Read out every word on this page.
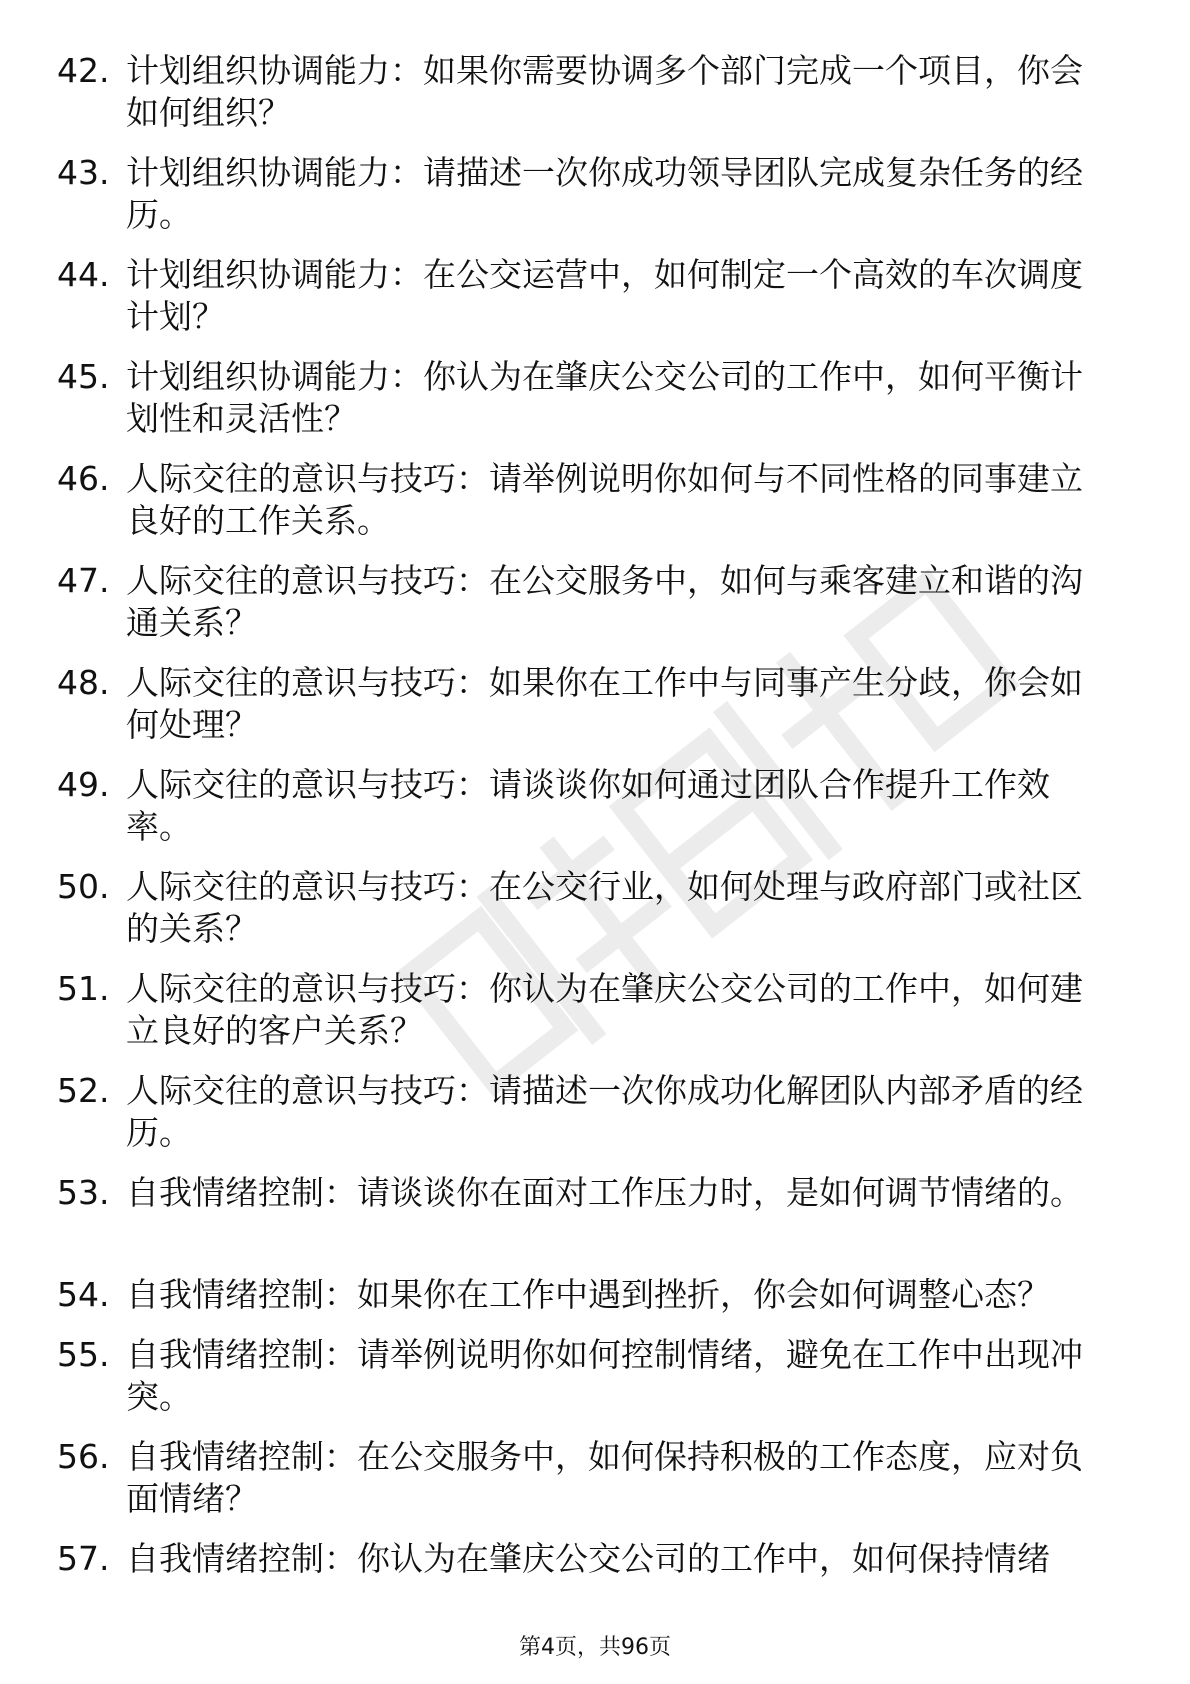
42. 计划组织协调能力：如果你需要协调多个部门完成一个项目，你会如何组织？
43. 计划组织协调能力：请描述一次你成功领导团队完成复杂任务的经历。
44. 计划组织协调能力：在公交运营中，如何制定一个高效的车次调度计划？
45. 计划组织协调能力：你认为在肇庆公交公司的工作中，如何平衡计划性和灵活性？
46. 人际交往的意识与技巧：请举例说明你如何与不同性格的同事建立良好的工作关系。
47. 人际交往的意识与技巧：在公交服务中，如何与乘客建立和谐的沟通关系？
48. 人际交往的意识与技巧：如果你在工作中与同事产生分歧，你会如何处理？
49. 人际交往的意识与技巧：请谈谈你如何通过团队合作提升工作效率。
50. 人际交往的意识与技巧：在公交行业，如何处理与政府部门或社区的关系？
51. 人际交往的意识与技巧：你认为在肇庆公交公司的工作中，如何建立良好的客户关系？
52. 人际交往的意识与技巧：请描述一次你成功化解团队内部矛盾的经历。
53. 自我情绪控制：请谈谈你在面对工作压力时，是如何调节情绪的。
54. 自我情绪控制：如果你在工作中遇到挫折，你会如何调整心态？
55. 自我情绪控制：请举例说明你如何控制情绪，避免在工作中出现冲突。
56. 自我情绪控制：在公交服务中，如何保持积极的工作态度，应对负面情绪？
57. 自我情绪控制：你认为在肇庆公交公司的工作中，如何保持情绪
第4页，共96页
